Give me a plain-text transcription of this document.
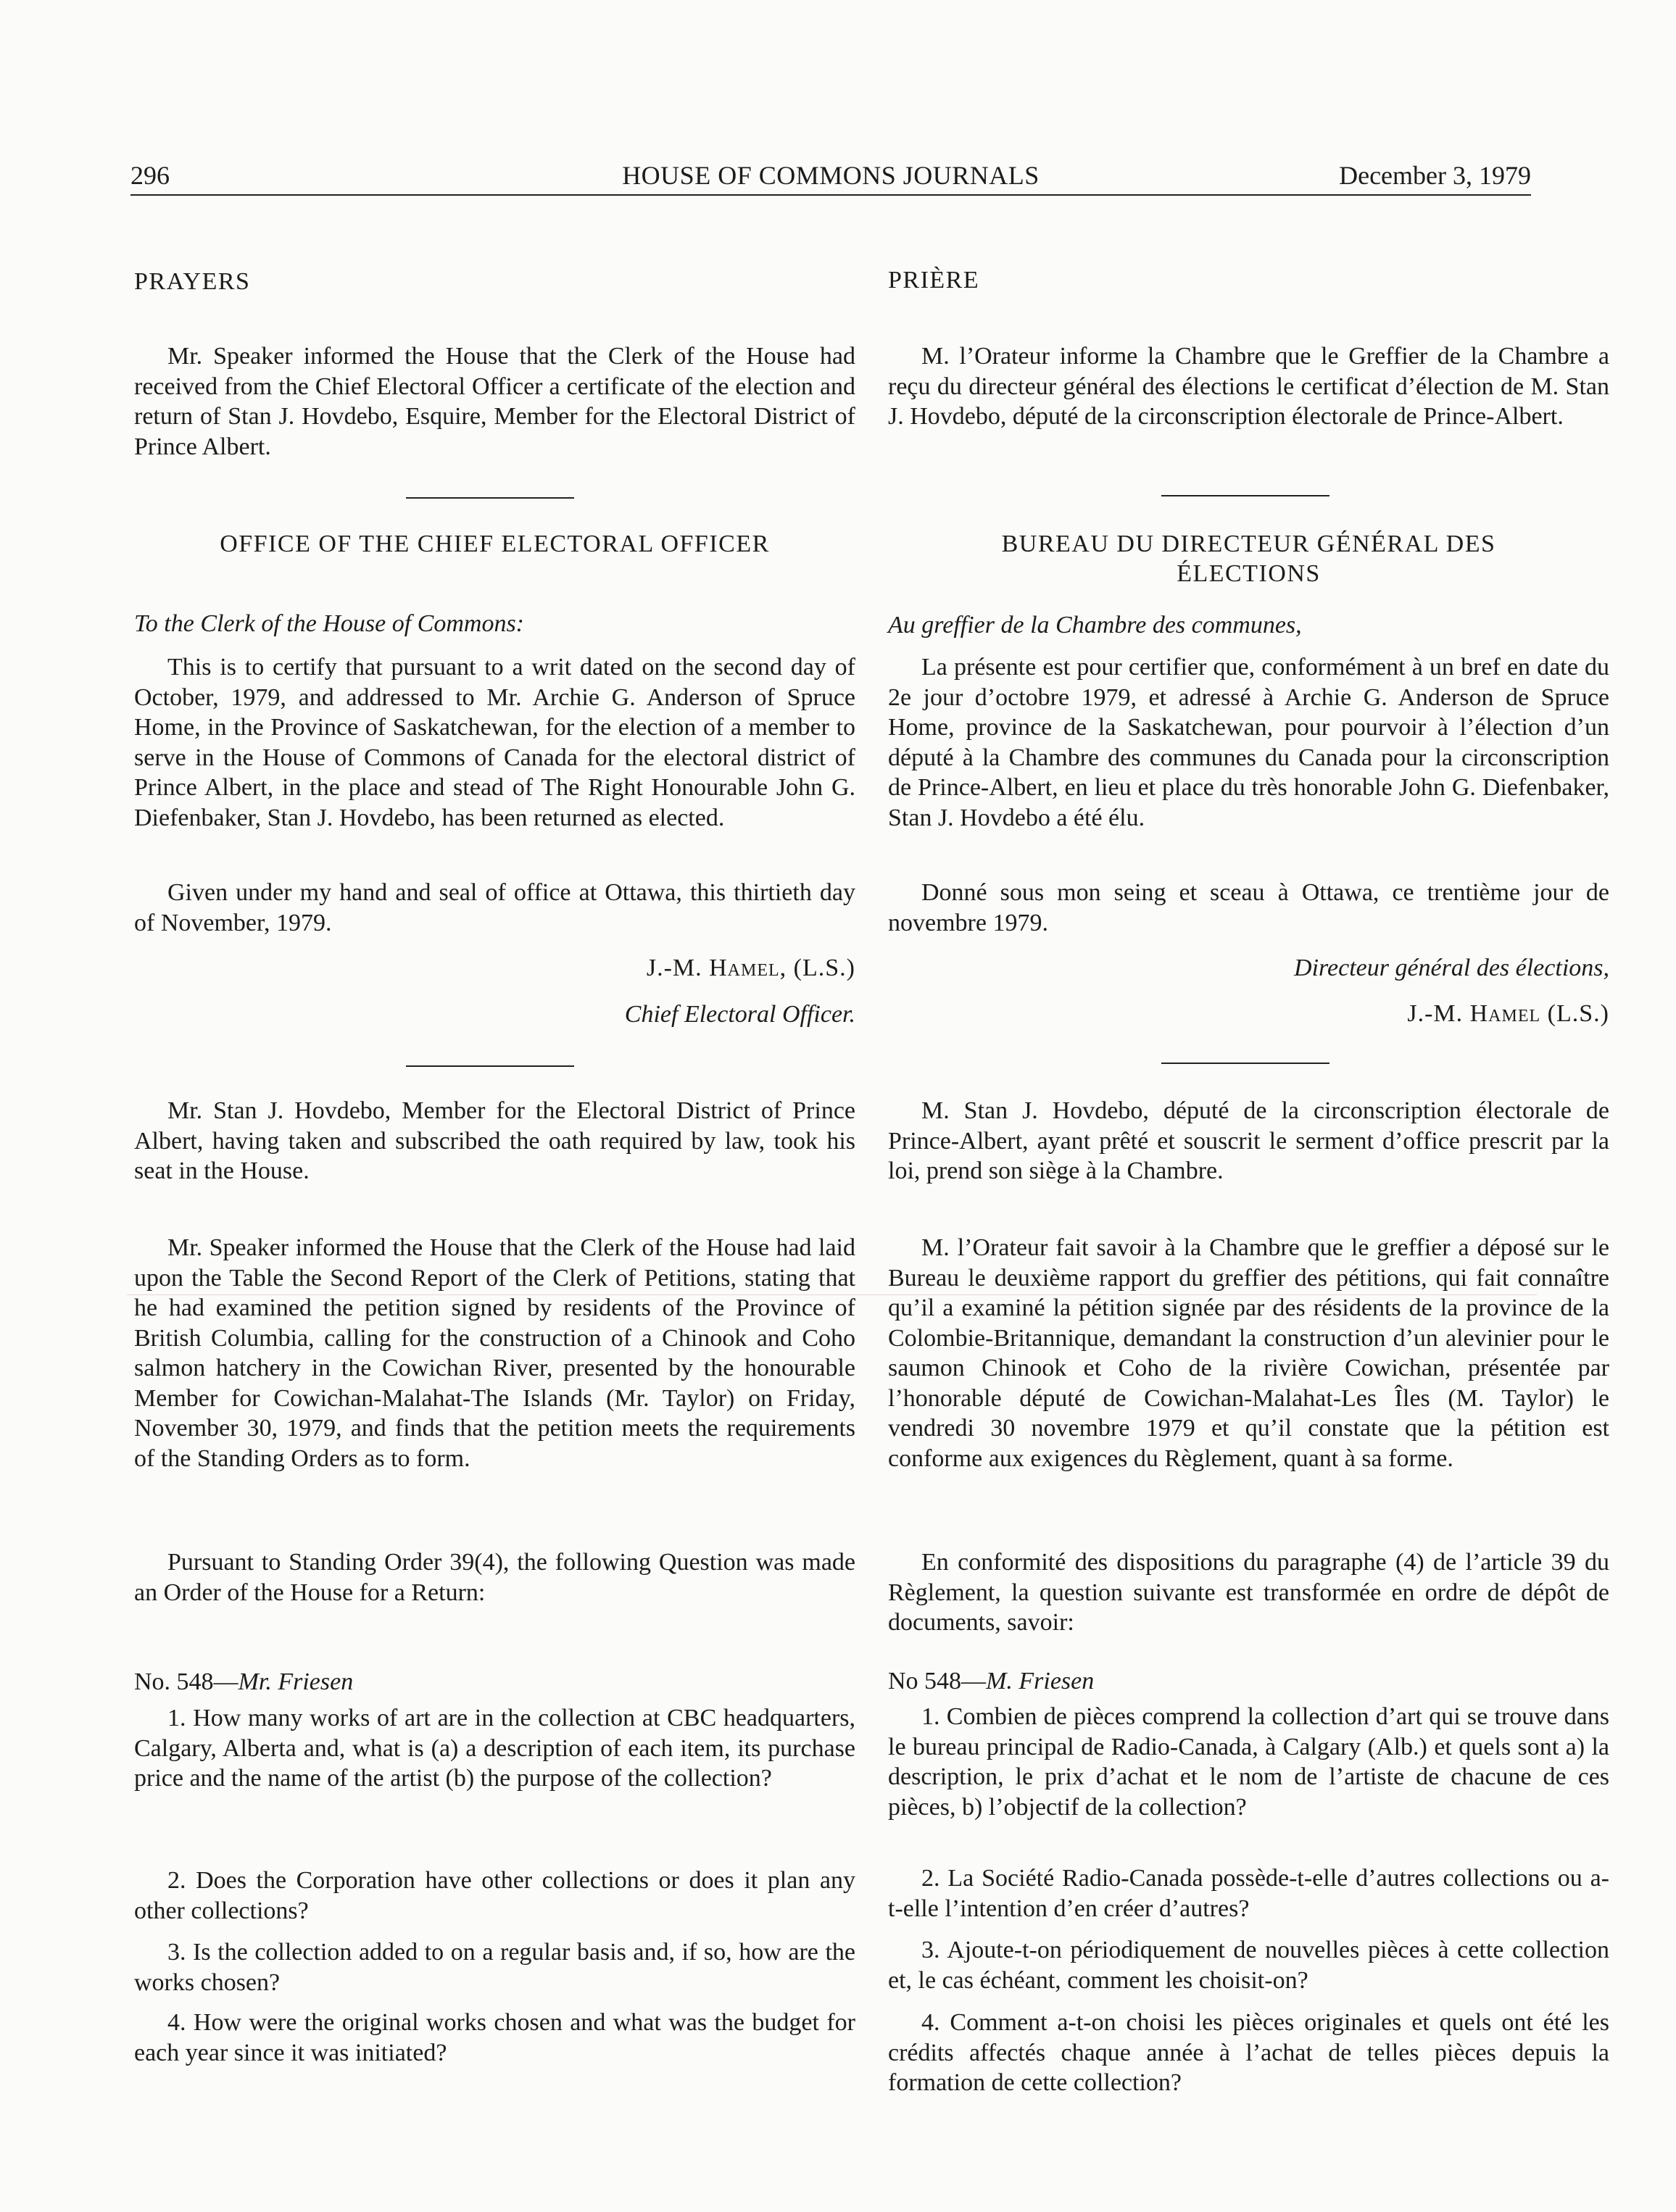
296	HOUSE OF COMMONS JOURNALS	December 3, 1979

PRAYERS

Mr. Speaker informed the House that the Clerk of the House had received from the Chief Electoral Officer a certificate of the election and return of Stan J. Hovdebo, Esquire, Member for the Electoral District of Prince Albert.

OFFICE OF THE CHIEF ELECTORAL OFFICER

To the Clerk of the House of Commons:

This is to certify that pursuant to a writ dated on the second day of October, 1979, and addressed to Mr. Archie G. Anderson of Spruce Home, in the Province of Saskatchewan, for the election of a member to serve in the House of Commons of Canada for the electoral district of Prince Albert, in the place and stead of The Right Honourable John G. Diefenbaker, Stan J. Hovdebo, has been returned as elected.

Given under my hand and seal of office at Ottawa, this thirtieth day of November, 1979.

J.-M. Hamel, (L.S.)

Chief Electoral Officer.

Mr. Stan J. Hovdebo, Member for the Electoral District of Prince Albert, having taken and subscribed the oath required by law, took his seat in the House.

Mr. Speaker informed the House that the Clerk of the House had laid upon the Table the Second Report of the Clerk of Petitions, stating that he had examined the petition signed by residents of the Province of British Columbia, calling for the construction of a Chinook and Coho salmon hatchery in the Cowichan River, presented by the honourable Member for Cowichan-Malahat-The Islands (Mr. Taylor) on Friday, November 30, 1979, and finds that the petition meets the requirements of the Standing Orders as to form.

Pursuant to Standing Order 39(4), the following Question was made an Order of the House for a Return:

No. 548—Mr. Friesen

1. How many works of art are in the collection at CBC headquarters, Calgary, Alberta and, what is (a) a description of each item, its purchase price and the name of the artist (b) the purpose of the collection?

2. Does the Corporation have other collections or does it plan any other collections?

3. Is the collection added to on a regular basis and, if so, how are the works chosen?

4. How were the original works chosen and what was the budget for each year since it was initiated?

PRIÈRE

M. l’Orateur informe la Chambre que le Greffier de la Chambre a reçu du directeur général des élections le certificat d’élection de M. Stan J. Hovdebo, député de la circonscription électorale de Prince-Albert.

BUREAU DU DIRECTEUR GÉNÉRAL DES
ÉLECTIONS

Au greffier de la Chambre des communes,

La présente est pour certifier que, conformément à un bref en date du 2e jour d’octobre 1979, et adressé à Archie G. Anderson de Spruce Home, province de la Saskatchewan, pour pourvoir à l’élection d’un député à la Chambre des communes du Canada pour la circonscription de Prince-Albert, en lieu et place du très honorable John G. Diefenbaker, Stan J. Hovdebo a été élu.

Donné sous mon seing et sceau à Ottawa, ce trentième jour de novembre 1979.

Directeur général des élections,

J.-M. Hamel (L.S.)

M. Stan J. Hovdebo, député de la circonscription électorale de Prince-Albert, ayant prêté et souscrit le serment d’office prescrit par la loi, prend son siège à la Chambre.

M. l’Orateur fait savoir à la Chambre que le greffier a déposé sur le Bureau le deuxième rapport du greffier des pétitions, qui fait connaître qu’il a examiné la pétition signée par des résidents de la province de la Colombie-Britannique, demandant la construction d’un alevinier pour le saumon Chinook et Coho de la rivière Cowichan, présentée par l’honorable député de Cowichan-Malahat-Les Îles (M. Taylor) le vendredi 30 novembre 1979 et qu’il constate que la pétition est conforme aux exigences du Règlement, quant à sa forme.

En conformité des dispositions du paragraphe (4) de l’article 39 du Règlement, la question suivante est transformée en ordre de dépôt de documents, savoir:

No 548—M. Friesen

1. Combien de pièces comprend la collection d’art qui se trouve dans le bureau principal de Radio-Canada, à Calgary (Alb.) et quels sont a) la description, le prix d’achat et le nom de l’artiste de chacune de ces pièces, b) l’objectif de la collection?

2. La Société Radio-Canada possède-t-elle d’autres collections ou a-t-elle l’intention d’en créer d’autres?

3. Ajoute-t-on périodiquement de nouvelles pièces à cette collection et, le cas échéant, comment les choisit-on?

4. Comment a-t-on choisi les pièces originales et quels ont été les crédits affectés chaque année à l’achat de telles pièces depuis la formation de cette collection?
